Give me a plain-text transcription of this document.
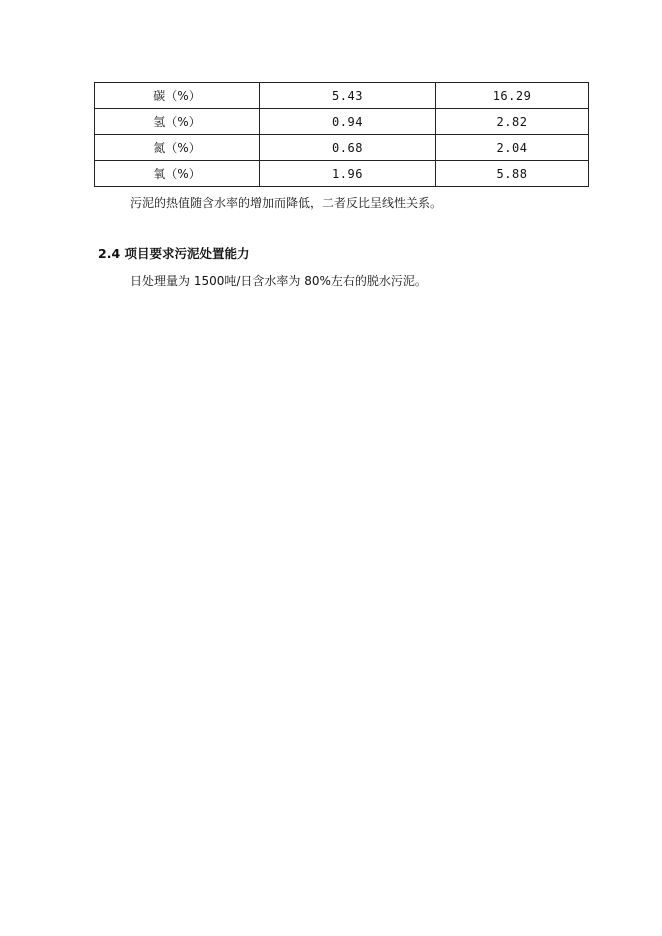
碳（%）	5.43	16.29
氢（%）	0.94	2.82
氮（%）	0.68	2.04
氧（%）	1.96	5.88
污泥的热值随含水率的增加而降低，二者反比呈线性关系。
2.4 项目要求污泥处置能力
日处理量为 1500吨/日含水率为 80%左右的脱水污泥。
